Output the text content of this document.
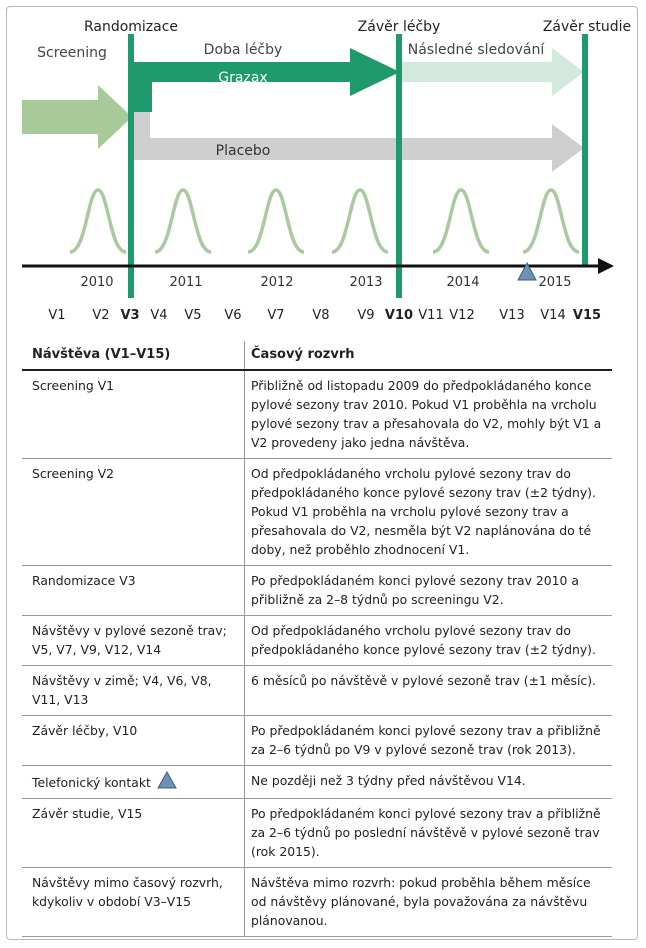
Randomizace	Závěr léčby	Závěr studie
Screening	Doba léčby	Následné sledování
Grazax
Placebo
2010	2011	2012	2013	2014	2015
V1 V2 V3 V4 V5 V6 V7 V8 V9 V10 V11 V12 V13 V14 V15
Návštěva (V1–V15)	Časový rozvrh
Screening V1	Přibližně od listopadu 2009 do předpokládaného konce pylové sezony trav 2010. Pokud V1 proběhla na vrcholu pylové sezony trav a přesahovala do V2, mohly být V1 a V2 provedeny jako jedna návštěva.
Screening V2	Od předpokládaného vrcholu pylové sezony trav do předpokládaného konce pylové sezony trav (±2 týdny). Pokud V1 proběhla na vrcholu pylové sezony trav a přesahovala do V2, nesměla být V2 naplánována do té doby, než proběhlo zhodnocení V1.
Randomizace V3	Po předpokládaném konci pylové sezony trav 2010 a přibližně za 2–8 týdnů po screeningu V2.
Návštěvy v pylové sezoně trav; V5, V7, V9, V12, V14	Od předpokládaného vrcholu pylové sezony trav do předpokládaného konce pylové sezony trav (±2 týdny).
Návštěvy v zimě; V4, V6, V8, V11, V13	6 měsíců po návštěvě v pylové sezoně trav (±1 měsíc).
Závěr léčby, V10	Po předpokládaném konci pylové sezony trav a přibližně za 2–6 týdnů po V9 v pylové sezoně trav (rok 2013).
Telefonický kontakt	Ne později než 3 týdny před návštěvou V14.
Závěr studie, V15	Po předpokládaném konci pylové sezony trav a přibližně za 2–6 týdnů po poslední návštěvě v pylové sezoně trav (rok 2015).
Návštěvy mimo časový rozvrh, kdykoliv v období V3–V15	Návštěva mimo rozvrh: pokud proběhla během měsíce od návštěvy plánované, byla považována za návštěvu plánovanou.
